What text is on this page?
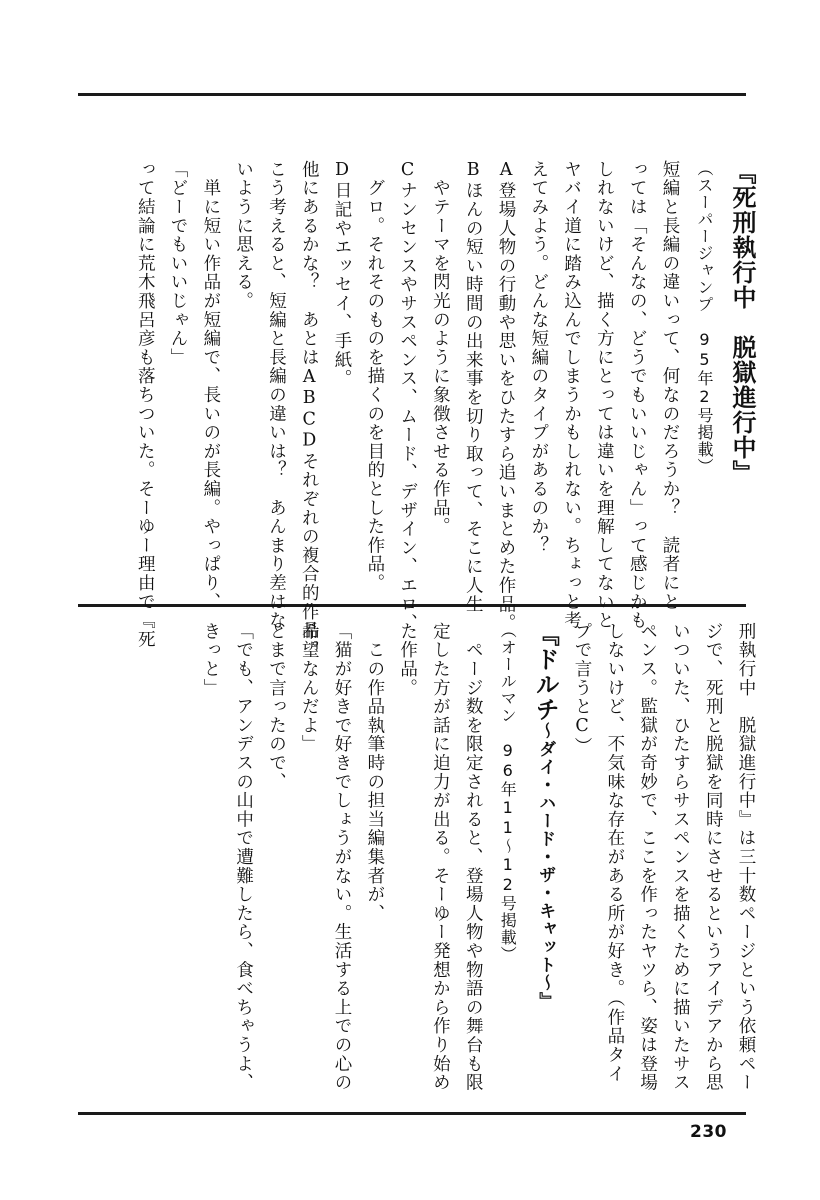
『死刑執行中　脱獄進行中』
（スーパージャンプ　95年2号掲載）
短編と長編の違いって、何なのだろうか？　読者にと
っては「そんなの、どうでもいいじゃん」って感じかも
しれないけど、描く方にとっては違いを理解してないと
ヤバイ道に踏み込んでしまうかもしれない。ちょっと考
えてみよう。どんな短編のタイプがあるのか？
A登場人物の行動や思いをひたすら追いまとめた作品。
Bほんの短い時間の出来事を切り取って、そこに人生
　やテーマを閃光のように象徴させる作品。
Cナンセンスやサスペンス、ムード、デザイン、エロ、
　グロ。それそのものを描くのを目的とした作品。
D日記やエッセイ、手紙。
他にあるかな？　あとはABCDそれぞれの複合的作品。
こう考えると、短編と長編の違いは？　あんまり差はな
いように思える。
　単に短い作品が短編で、長いのが長編。やっぱり、
「どーでもいいじゃん」
って結論に荒木飛呂彦も落ちついた。そーゆー理由で『死
刑執行中　脱獄進行中』は三十数ページという依頼ペー
ジで、死刑と脱獄を同時にさせるというアイデアから思
いついた、ひたすらサスペンスを描くために描いたサス
ペンス。監獄が奇妙で、ここを作ったヤツら、姿は登場
しないけど、不気味な存在がある所が好き。（作品タイ
プで言うとC）
『ドルチ～ダイ・ハード・ザ・キャット～』
（オールマン　96年11～12号掲載）
　ページ数を限定されると、登場人物や物語の舞台も限
定した方が話に迫力が出る。そーゆー発想から作り始め
た作品。
　この作品執筆時の担当編集者が、
「猫が好きで好きでしょうがない。生活する上での心の
希望なんだよ」
とまで言ったので、
「でも、アンデスの山中で遭難したら、食べちゃうよ、
きっと」
230
